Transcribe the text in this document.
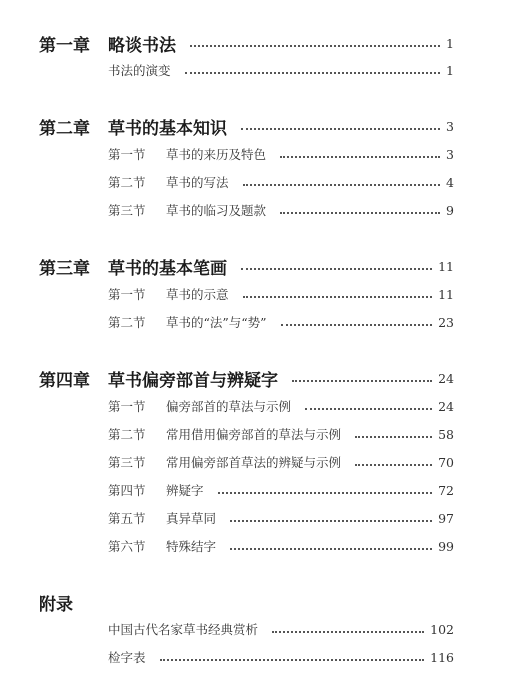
第一章 略谈书法	1
书法的演变	1
第二章 草书的基本知识	3
第一节 草书的来历及特色	3
第二节 草书的写法	4
第三节 草书的临习及题款	9
第三章 草书的基本笔画	11
第一节 草书的示意	11
第二节 草书的“法”与“势”	23
第四章 草书偏旁部首与辨疑字	24
第一节 偏旁部首的草法与示例	24
第二节 常用借用偏旁部首的草法与示例	58
第三节 常用偏旁部首草法的辨疑与示例	70
第四节 辨疑字	72
第五节 真异草同	97
第六节 特殊结字	99
附录
中国古代名家草书经典赏析	102
检字表	116
